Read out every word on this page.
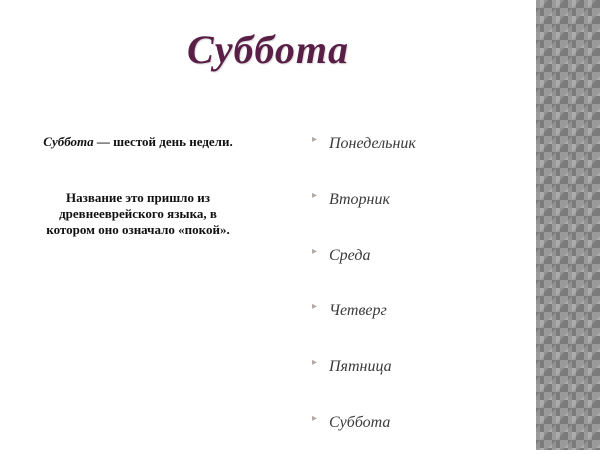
Суббота

Суббота — шестой день недели.

Название это пришло из
древнееврейского языка, в
котором оно означало «покой».

▸ Понедельник
▸ Вторник
▸ Среда
▸ Четверг
▸ Пятница
▸ Суббота
